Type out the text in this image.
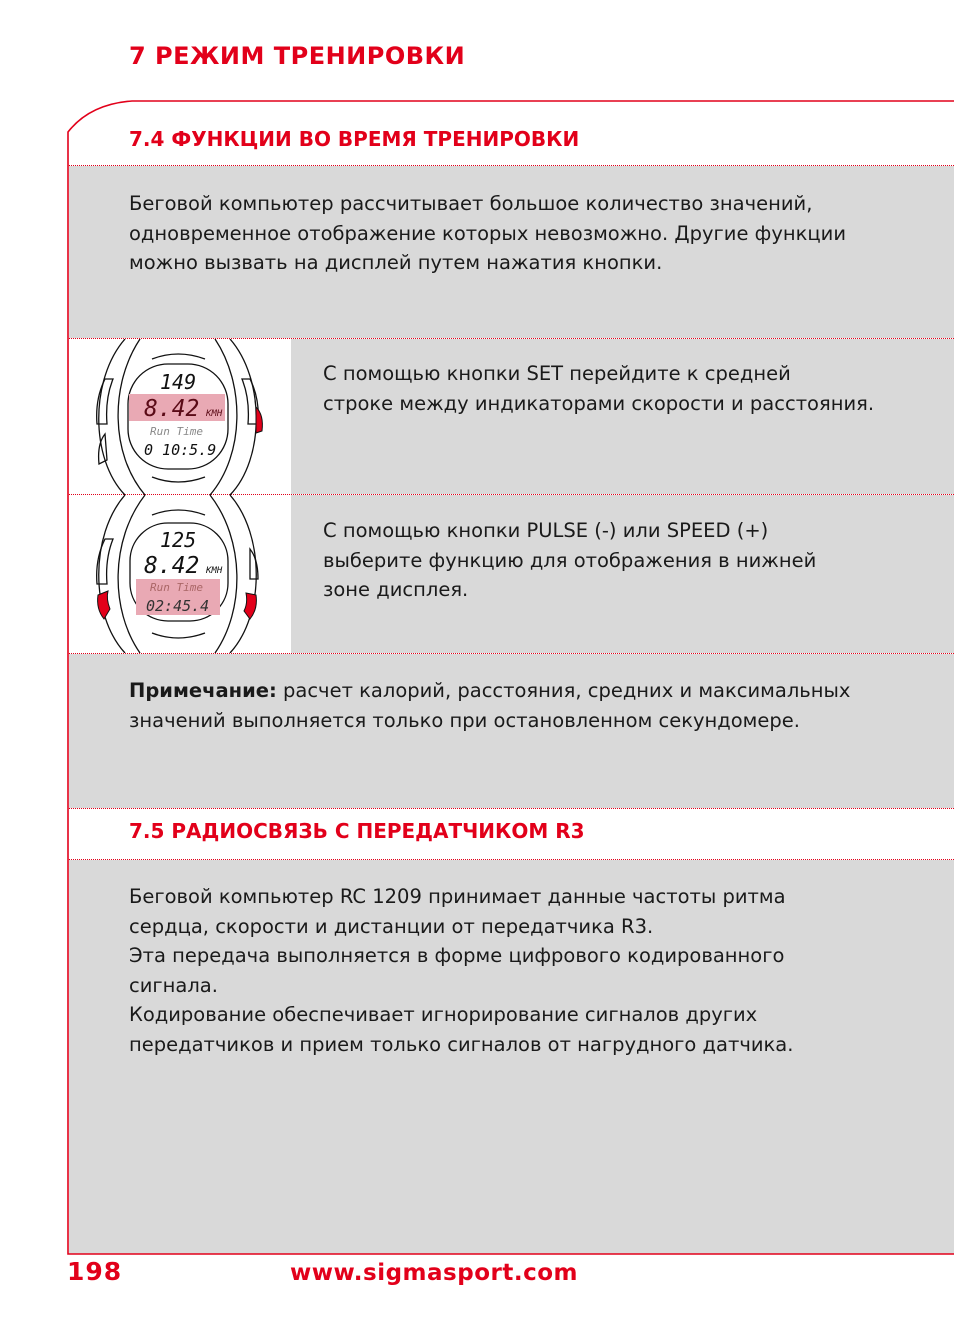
7 РЕЖИМ ТРЕНИРОВКИ
7.4 ФУНКЦИИ ВО ВРЕМЯ ТРЕНИРОВКИ

Беговой компьютер рассчитывает большое количество значений,

одновременное отображение которых невозможно. Другие функции

можно вызвать на дисплей путем нажатия кнопки.

149
8.42 KMH
Run Time
0 10:5.9
125
8.42 KMH
Run Time
02:45.4
С помощью кнопки SET перейдите к средней
строке между индикаторами скорости и расстояния.
С помощью кнопки PULSE (-) или SPEED (+)
выберите функцию для отображения в нижней
зоне дисплея.

Примечание: расчет калорий, расстояния, средних и максимальных

значений выполняется только при остановленном секундомере.

7.5 РАДИОСВЯЗЬ С ПЕРЕДАТЧИКОМ R3

Беговой компьютер RC 1209 принимает данные частоты ритма

сердца, скорости и дистанции от передатчика R3.

Эта передача выполняется в форме цифрового кодированного

сигнала.

Кодирование обеспечивает игнорирование сигналов других

передатчиков и прием только сигналов от нагрудного датчика.

198	www.sigmasport.com
